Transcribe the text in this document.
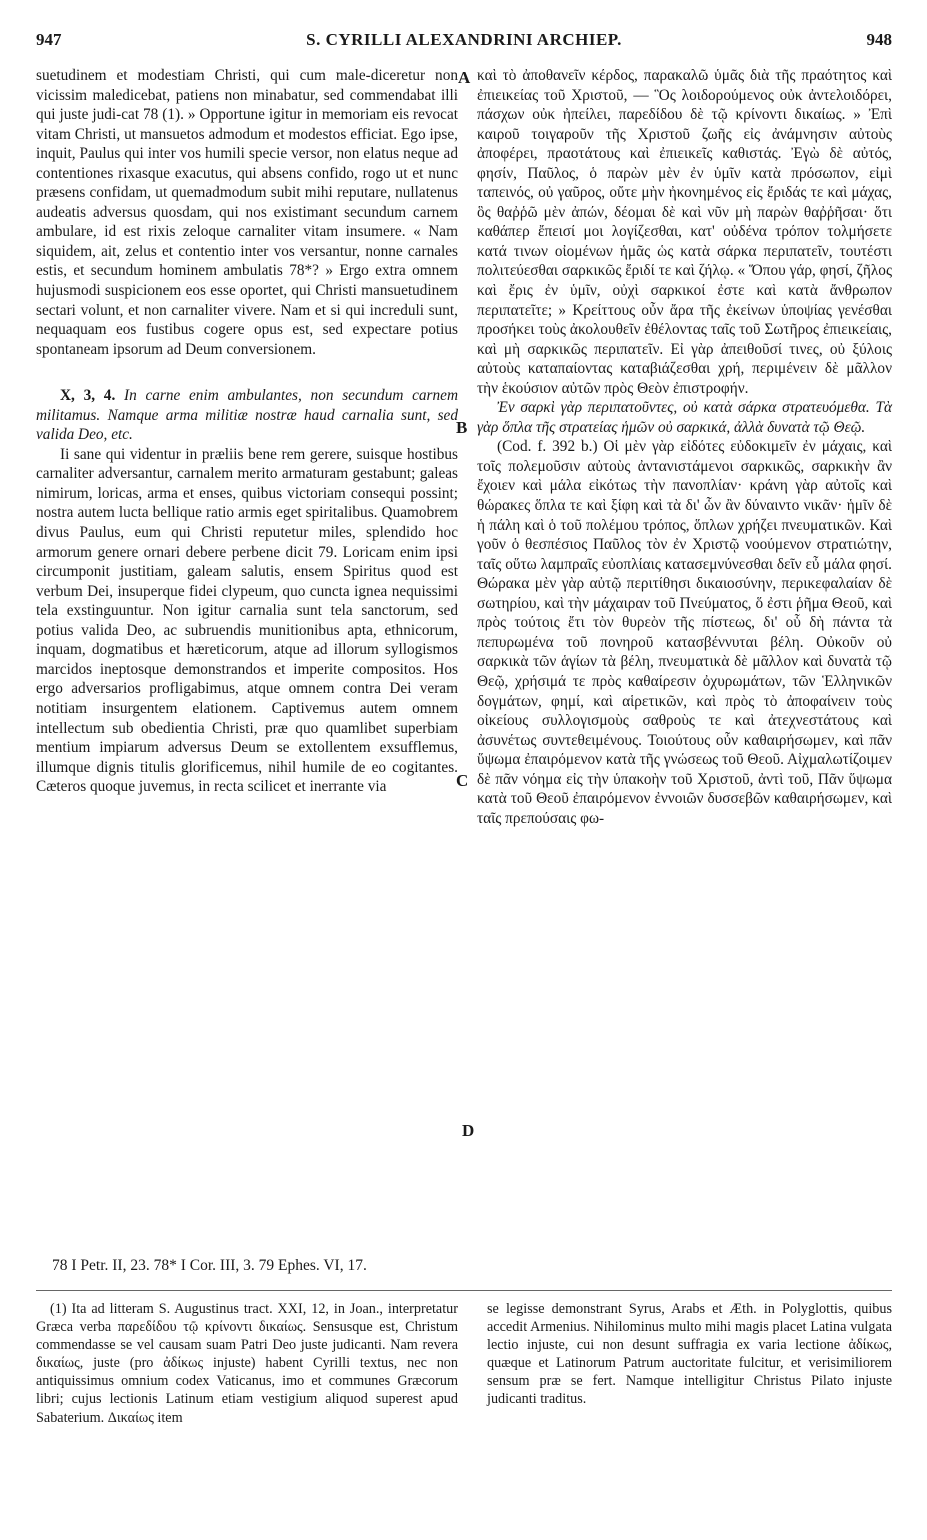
947	S. CYRILLI ALEXANDRINI ARCHIEP.	948

suetudinem et modestiam Christi, qui cum male-diceretur non vicissim maledicebat, patiens non minabatur, sed commendabat illi qui juste judi-cat 78 (1). » Opportune igitur in memoriam eis revocat vitam Christi, ut mansuetos admodum et modestos efficiat. Ego ipse, inquit, Paulus qui inter vos humili specie versor, non elatus neque ad contentiones rixasque exacutus, qui absens confido, rogo ut et nunc præsens confidam, ut quemadmodum subit mihi reputare, nullatenus audeatis adversus quosdam, qui nos existimant secundum carnem ambulare, id est rixis zeloque carnaliter vitam insumere. « Nam siquidem, ait, zelus et contentio inter vos versantur, nonne carnales estis, et secundum hominem ambulatis 78*? » Ergo extra omnem hujusmodi suspicionem eos esse oportet, qui Christi mansuetudinem sectari volunt, et non carnaliter vivere. Nam et si qui increduli sunt, nequaquam eos fustibus cogere opus est, sed expectare potius spontaneam ipsorum ad Deum conversionem.

X, 3, 4. In carne enim ambulantes, non secundum carnem militamus. Namque arma militiæ nostræ haud carnalia sunt, sed valida Deo, etc.

Ii sane qui videntur in præliis bene rem gerere, suisque hostibus carnaliter adversantur, carnalem merito armaturam gestabunt; galeas nimirum, loricas, arma et enses, quibus victoriam consequi possint; nostra autem lucta bellique ratio armis eget spiritalibus. Quamobrem divus Paulus, eum qui Christi reputetur miles, splendido hoc armorum genere ornari debere perbene dicit 79. Loricam enim ipsi circumponit justitiam, galeam salutis, ensem Spiritus quod est verbum Dei, insuperque fidei clypeum, quo cuncta ignea nequissimi tela exstinguuntur. Non igitur carnalia sunt tela sanctorum, sed potius valida Deo, ac subruendis munitionibus apta, ethnicorum, inquam, dogmatibus et hæreticorum, atque ad illorum syllogismos marcidos ineptosque demonstrandos et imperite compositos. Hos ergo adversarios profligabimus, atque omnem contra Dei veram notitiam insurgentem elationem. Captivemus autem omnem intellectum sub obedientia Christi, præ quo quamlibet superbiam mentium impiarum adversus Deum se extollentem exsufflemus, illumque dignis titulis glorificemus, nihil humile de eo cogitantes. Cæteros quoque juvemus, in recta scilicet et inerrante via

καὶ τὸ ἀποθανεῖν κέρδος, παρακαλῶ ὑμᾶς διὰ τῆς πραότητος καὶ ἐπιεικείας τοῦ Χριστοῦ, — Ὃς λοιδορούμενος οὐκ ἀντελοιδόρει, πάσχων οὐκ ἠπείλει, παρεδίδου δὲ τῷ κρίνοντι δικαίως. » Ἐπὶ καιροῦ τοιγαροῦν τῆς Χριστοῦ ζωῆς εἰς ἀνάμνησιν αὐτοὺς ἀποφέρει, πραοτάτους καὶ ἐπιεικεῖς καθιστάς. Ἐγὼ δὲ αὐτός, φησίν, Παῦλος, ὁ παρὼν μὲν ἐν ὑμῖν κατὰ πρόσωπον, εἰμὶ ταπεινός, οὐ γαῦρος, οὔτε μὴν ἠκονημένος εἰς ἔριδάς τε καὶ μάχας, ὃς θαῤῥῶ μὲν ἀπών, δέομαι δὲ καὶ νῦν μὴ παρὼν θαῤῥῆσαι· ὅτι καθάπερ ἔπεισί μοι λογίζεσθαι, κατ' οὐδένα τρόπον τολμήσετε κατά τινων οἰομένων ἡμᾶς ὡς κατὰ σάρκα περιπατεῖν, τουτέστι πολιτεύεσθαι σαρκικῶς ἔριδί τε καὶ ζήλῳ. « Ὅπου γάρ, φησί, ζῆλος καὶ ἔρις ἐν ὑμῖν, οὐχὶ σαρκικοί ἐστε καὶ κατὰ ἄνθρωπον περιπατεῖτε; » Κρείττους οὖν ἄρα τῆς ἐκείνων ὑποψίας γενέσθαι προσήκει τοὺς ἀκολουθεῖν ἐθέλοντας ταῖς τοῦ Σωτῆρος ἐπιεικείαις, καὶ μὴ σαρκικῶς περιπατεῖν. Εἰ γὰρ ἀπειθοῦσί τινες, οὐ ξύλοις αὐτοὺς καταπαίοντας καταβιάζεσθαι χρή, περιμένειν δὲ μᾶλλον τὴν ἑκούσιον αὐτῶν πρὸς Θεὸν ἐπιστροφήν.

Ἐν σαρκὶ γὰρ περιπατοῦντες, οὐ κατὰ σάρκα στρατευόμεθα. Τὰ γὰρ ὅπλα τῆς στρατείας ἡμῶν οὐ σαρκικά, ἀλλὰ δυνατὰ τῷ Θεῷ.

(Cod. f. 392 b.) Οἱ μὲν γὰρ εἰδότες εὐδοκιμεῖν ἐν μάχαις, καὶ τοῖς πολεμοῦσιν αὐτοὺς ἀντανιστάμενοι σαρκικῶς, σαρκικὴν ἂν ἔχοιεν καὶ μάλα εἰκότως τὴν πανοπλίαν· κράνη γὰρ αὐτοῖς καὶ θώρακες ὅπλα τε καὶ ξίφη καὶ τὰ δι' ὧν ἂν δύναιντο νικᾶν· ἡμῖν δὲ ἡ πάλη καὶ ὁ τοῦ πολέμου τρόπος, ὅπλων χρήζει πνευματικῶν. Καὶ γοῦν ὁ θεσπέσιος Παῦλος τὸν ἐν Χριστῷ νοούμενον στρατιώτην, ταῖς οὕτω λαμπραῖς εὐοπλίαις κατασεμνύνεσθαι δεῖν εὖ μάλα φησί. Θώρακα μὲν γὰρ αὐτῷ περιτίθησι δικαιοσύνην, περικεφαλαίαν δὲ σωτηρίου, καὶ τὴν μάχαιραν τοῦ Πνεύματος, ὅ ἐστι ῥῆμα Θεοῦ, καὶ πρὸς τούτοις ἔτι τὸν θυρεὸν τῆς πίστεως, δι' οὗ δὴ πάντα τὰ πεπυρωμένα τοῦ πονηροῦ κατασβέννυται βέλη. Οὐκοῦν οὐ σαρκικὰ τῶν ἁγίων τὰ βέλη, πνευματικὰ δὲ μᾶλλον καὶ δυνατὰ τῷ Θεῷ, χρήσιμά τε πρὸς καθαίρεσιν ὀχυρωμάτων, τῶν Ἑλληνικῶν δογμάτων, φημί, καὶ αἱρετικῶν, καὶ πρὸς τὸ ἀποφαίνειν τοὺς οἰκείους συλλογισμοὺς σαθροὺς τε καὶ ἀτεχνεστάτους καὶ ἀσυνέτως συντεθειμένους. Τοιούτους οὖν καθαιρήσωμεν, καὶ πᾶν ὕψωμα ἐπαιρόμενον κατὰ τῆς γνώσεως τοῦ Θεοῦ. Αἰχμαλωτίζοιμεν δὲ πᾶν νόημα εἰς τὴν ὑπακοὴν τοῦ Χριστοῦ, ἀντὶ τοῦ, Πᾶν ὕψωμα κατὰ τοῦ Θεοῦ ἐπαιρόμενον ἐννοιῶν δυσσεβῶν καθαιρήσωμεν, καὶ ταῖς πρεπούσαις φω-

A
B
C
D
78 I Petr. II, 23. 78* I Cor. III, 3. 79 Ephes. VI, 17.

(1) Ita ad litteram S. Augustinus tract. XXI, 12, in Joan., interpretatur Græca verba παρεδίδου τῷ κρίνοντι δικαίως. Sensusque est, Christum commendasse se vel causam suam Patri Deo juste judicanti. Nam revera δικαίως, juste (pro ἀδίκως injuste) habent Cyrilli textus, nec non antiquissimus omnium codex Vaticanus, imo et communes Græcorum libri; cujus lectionis Latinum etiam vestigium aliquod superest apud Sabaterium. Δικαίως item

se legisse demonstrant Syrus, Arabs et Æth. in Polyglottis, quibus accedit Armenius. Nihilominus multo mihi magis placet Latina vulgata lectio injuste, cui non desunt suffragia ex varia lectione ἀδίκως, quæque et Latinorum Patrum auctoritate fulcitur, et verisimiliorem sensum præ se fert. Namque intelligitur Christus Pilato injuste judicanti traditus.
